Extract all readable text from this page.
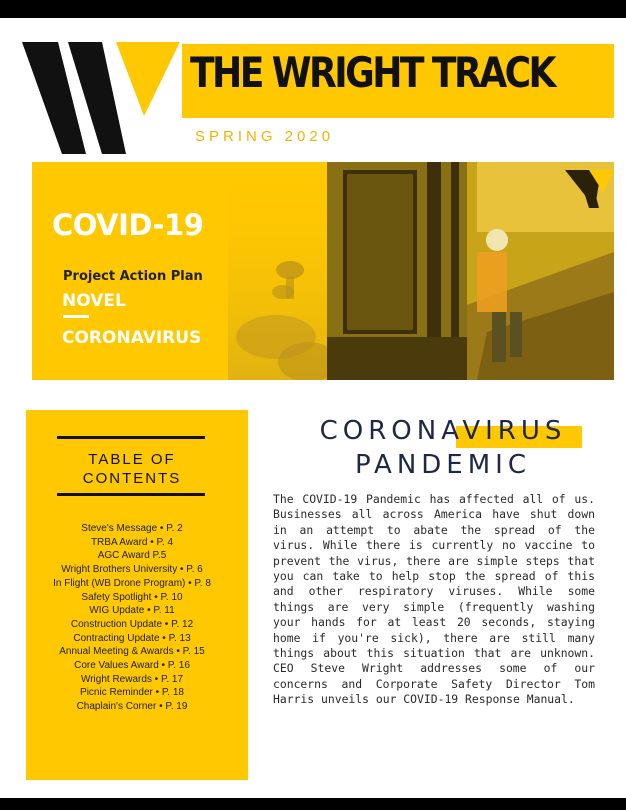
THE WRIGHT TRACK
SPRING 2020
COVID-19
Project Action Plan
NOVEL
CORONAVIRUS
TABLE OF
CONTENTS
Steve's Message • P. 2
TRBA Award • P. 4
AGC Award P.5
Wright Brothers University • P. 6
In Flight (WB Drone Program) • P. 8
Safety Spotlight • P. 10
WIG Update • P. 11
Construction Update • P. 12
Contracting Update • P. 13
Annual Meeting & Awards • P. 15
Core Values Award • P. 16
Wright Rewards • P. 17
Picnic Reminder • P. 18
Chaplain's Corner • P. 19
CORONAVIRUS
PANDEMIC

The COVID-19 Pandemic has affected all of us. Businesses all across America have shut down in an attempt to abate the spread of the virus. While there is currently no vaccine to prevent the virus, there are simple steps that you can take to help stop the spread of this and other respiratory viruses. While some things are very simple (frequently washing your hands for at least 20 seconds, staying home if you're sick), there are still many things about this situation that are unknown. CEO Steve Wright addresses some of our concerns and Corporate Safety Director Tom Harris unveils our COVID-19 Response Manual.
